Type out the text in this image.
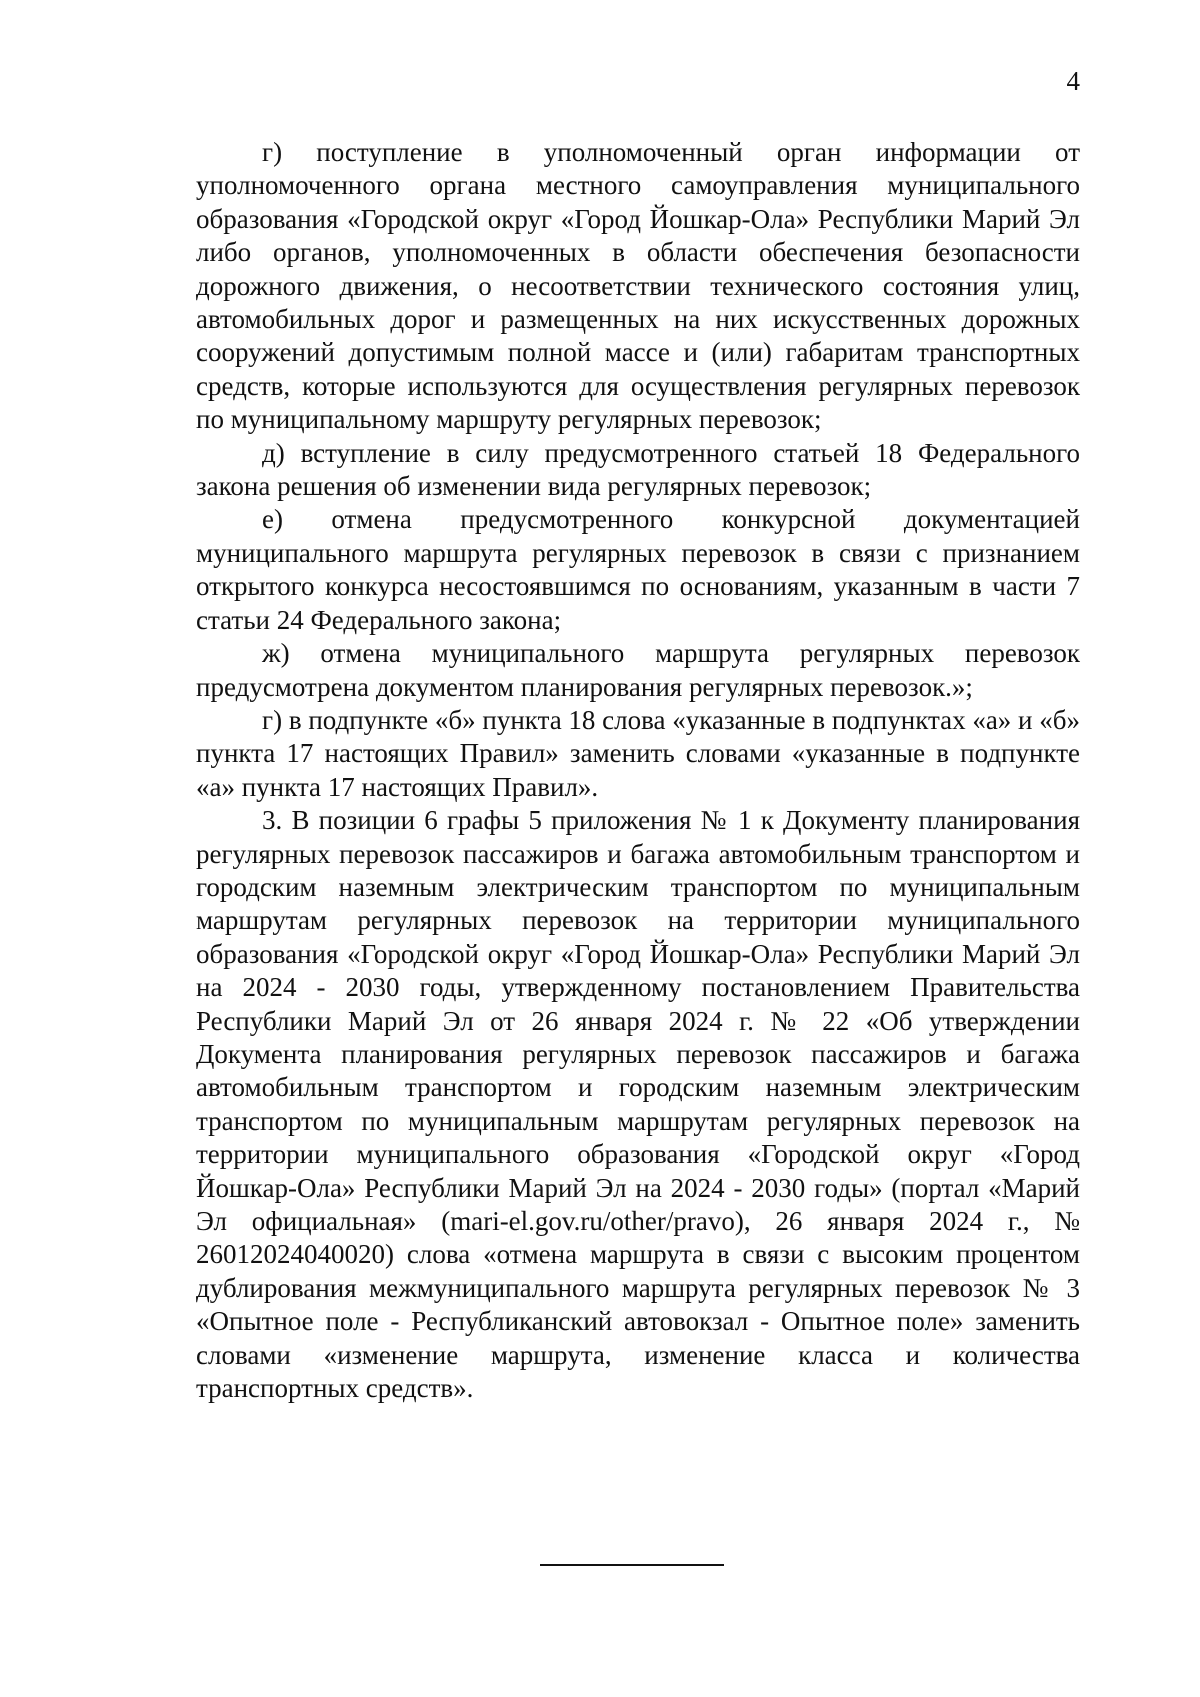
4

г) поступление в уполномоченный орган информации от уполномоченного органа местного самоуправления муниципального образования «Городской округ «Город Йошкар-Ола» Республики Марий Эл либо органов, уполномоченных в области обеспечения безопасности дорожного движения, о несоответствии технического состояния улиц, автомобильных дорог и размещенных на них искусственных дорожных сооружений допустимым полной массе и (или) габаритам транспортных средств, которые используются для осуществления регулярных перевозок по муниципальному маршруту регулярных перевозок;

д) вступление в силу предусмотренного статьей 18 Федерального закона решения об изменении вида регулярных перевозок;

е) отмена предусмотренного конкурсной документацией муниципального маршрута регулярных перевозок в связи с признанием открытого конкурса несостоявшимся по основаниям, указанным в части 7 статьи 24 Федерального закона;

ж) отмена муниципального маршрута регулярных перевозок предусмотрена документом планирования регулярных перевозок.»;

г) в подпункте «б» пункта 18 слова «указанные в подпунктах «а» и «б» пункта 17 настоящих Правил» заменить словами «указанные в подпункте «а» пункта 17 настоящих Правил».

3. В позиции 6 графы 5 приложения № 1 к Документу планирования регулярных перевозок пассажиров и багажа автомобильным транспортом и городским наземным электрическим транспортом по муниципальным маршрутам регулярных перевозок на территории муниципального образования «Городской округ «Город Йошкар-Ола» Республики Марий Эл на 2024 - 2030 годы, утвержденному постановлением Правительства Республики Марий Эл от 26 января 2024 г. № 22 «Об утверждении Документа планирования регулярных перевозок пассажиров и багажа автомобильным транспортом и городским наземным электрическим транспортом по муниципальным маршрутам регулярных перевозок на территории муниципального образования «Городской округ «Город Йошкар-Ола» Республики Марий Эл на 2024 - 2030 годы» (портал «Марий Эл официальная» (mari-el.gov.ru/other/pravo), 26 января 2024 г., № 26012024040020) слова «отмена маршрута в связи с высоким процентом дублирования межмуниципального маршрута регулярных перевозок № 3 «Опытное поле - Республиканский автовокзал - Опытное поле» заменить словами «изменение маршрута, изменение класса и количества транспортных средств».
